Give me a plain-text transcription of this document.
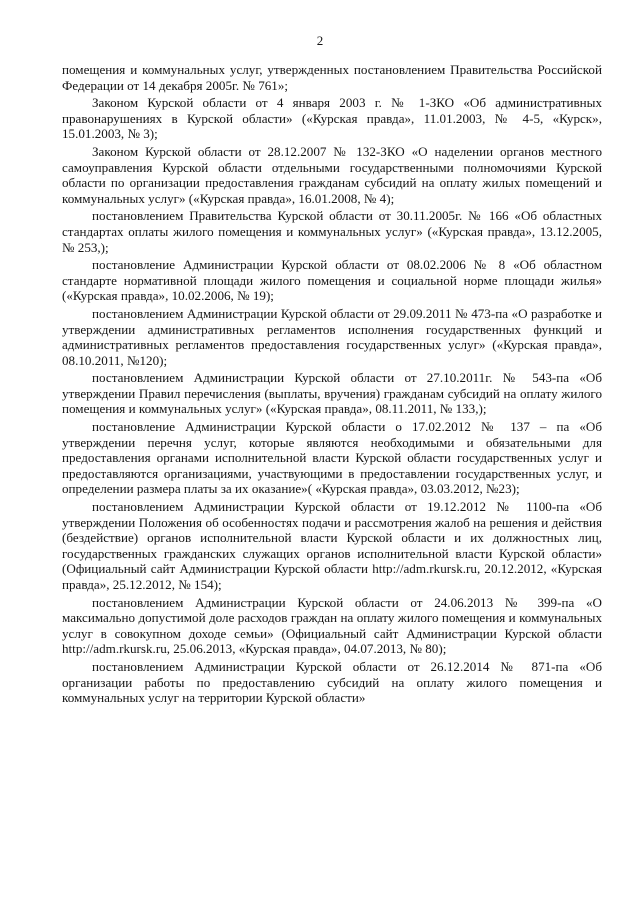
2

помещения и коммунальных услуг, утвержденных постановлением Правительства Российской Федерации от 14 декабря 2005г. № 761»;

Законом Курской области от 4 января 2003 г. № 1-ЗКО «Об административных правонарушениях в Курской области» («Курская правда», 11.01.2003, № 4-5, «Курск», 15.01.2003, № 3);

Законом Курской области от 28.12.2007 № 132-ЗКО «О наделении органов местного самоуправления Курской области отдельными государственными полномочиями Курской области по организации предоставления гражданам субсидий на оплату жилых помещений и коммунальных услуг» («Курская правда», 16.01.2008, № 4);

постановлением Правительства Курской области от 30.11.2005г. № 166 «Об областных стандартах оплаты жилого помещения и коммунальных услуг» («Курская правда», 13.12.2005, № 253,);

постановление Администрации Курской области от 08.02.2006 № 8 «Об областном стандарте нормативной площади жилого помещения и социальной норме площади жилья» («Курская правда», 10.02.2006, № 19);

постановлением Администрации Курской области от 29.09.2011 № 473-па «О разработке и утверждении административных регламентов исполнения государственных функций и административных регламентов предоставления государственных услуг» («Курская правда», 08.10.2011, №120);

постановлением Администрации Курской области от 27.10.2011г. № 543-па «Об утверждении Правил перечисления (выплаты, вручения) гражданам субсидий на оплату жилого помещения и коммунальных услуг» («Курская правда», 08.11.2011, № 133,);

постановление Администрации Курской области о 17.02.2012 № 137 – па «Об утверждении перечня услуг, которые являются необходимыми и обязательными для предоставления органами исполнительной власти Курской области государственных услуг и предоставляются организациями, участвующими в предоставлении государственных услуг, и определении размера платы за их оказание»( «Курская правда», 03.03.2012, №23);

постановлением Администрации Курской области от 19.12.2012 № 1100-па «Об утверждении Положения об особенностях подачи и рассмотрения жалоб на решения и действия (бездействие) органов исполнительной власти Курской области и их должностных лиц, государственных гражданских служащих органов исполнительной власти Курской области» (Официальный сайт Администрации Курской области http://adm.rkursk.ru, 20.12.2012, «Курская правда», 25.12.2012, № 154);

постановлением Администрации Курской области от 24.06.2013 № 399-па «О максимально допустимой доле расходов граждан на оплату жилого помещения и коммунальных услуг в совокупном доходе семьи» (Официальный сайт Администрации Курской области http://adm.rkursk.ru, 25.06.2013, «Курская правда», 04.07.2013, № 80);

постановлением Администрации Курской области от 26.12.2014 № 871-па «Об организации работы по предоставлению субсидий на оплату жилого помещения и коммунальных услуг на территории Курской области»
